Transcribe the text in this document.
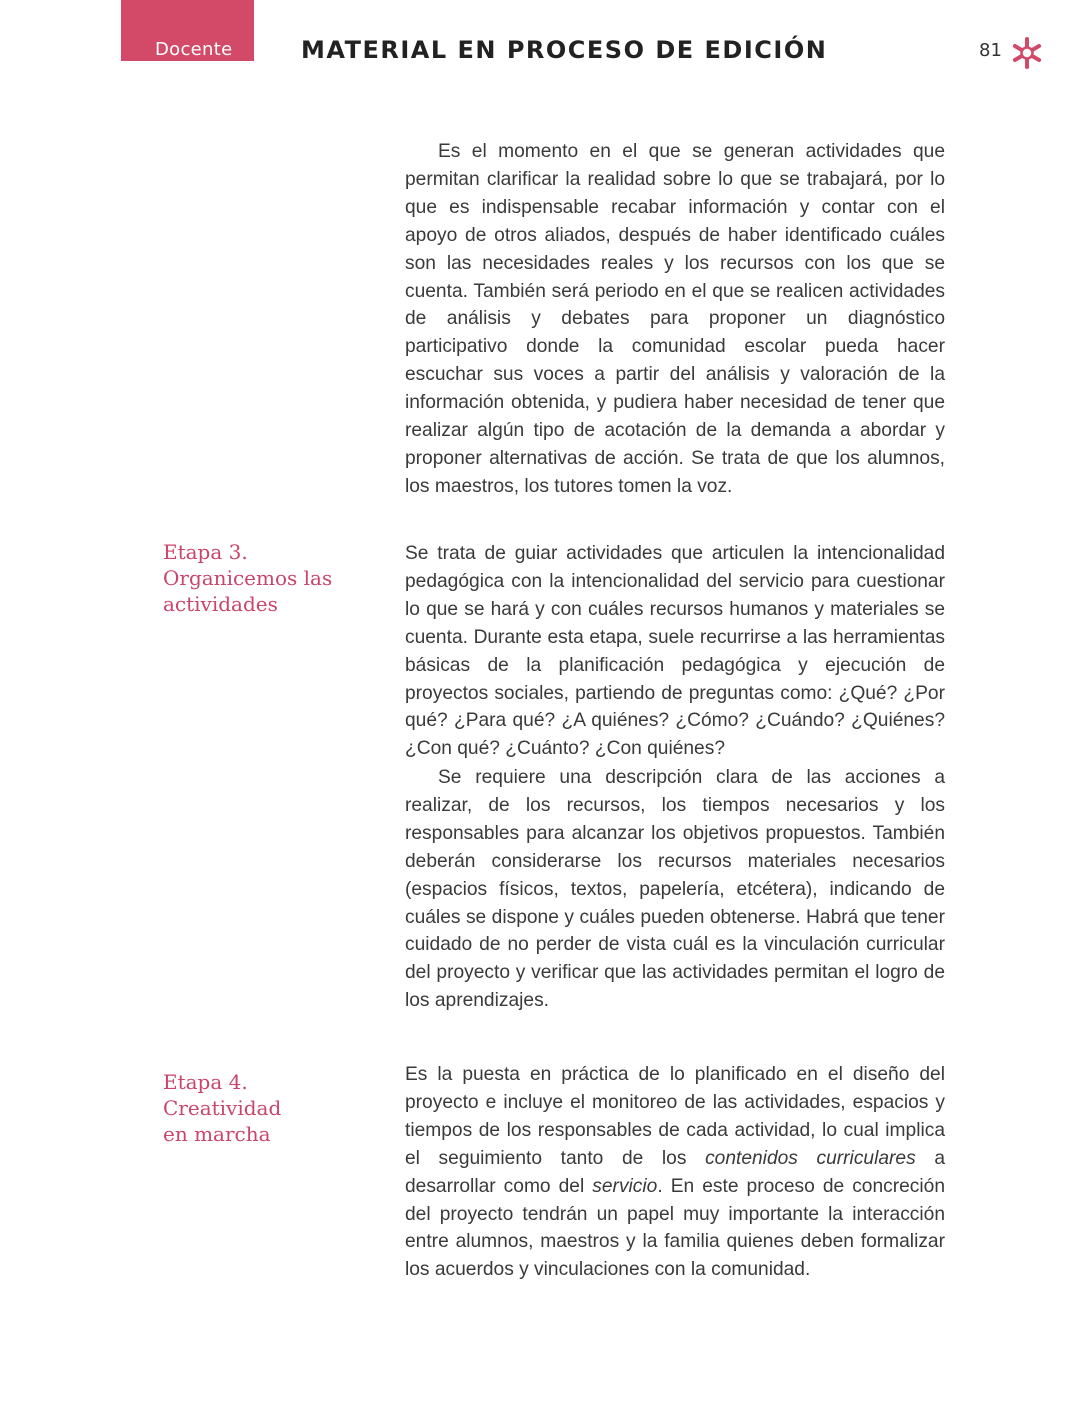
Docente	MATERIAL EN PROCESO DE EDICIÓN	81

Es el momento en el que se generan actividades que permitan clarificar la realidad sobre lo que se trabajará, por lo que es indispensable recabar información y contar con el apoyo de otros aliados, después de haber identificado cuáles son las necesidades reales y los recursos con los que se cuenta. También será periodo en el que se realicen actividades de análisis y debates para proponer un diagnóstico participativo donde la comunidad escolar pueda hacer escuchar sus voces a partir del análisis y valoración de la información obtenida, y pudiera haber necesidad de tener que realizar algún tipo de acotación de la demanda a abordar y proponer alternativas de acción. Se trata de que los alumnos, los maestros, los tutores tomen la voz.

Etapa 3.
Organicemos las
actividades

Se trata de guiar actividades que articulen la intencionalidad pedagógica con la intencionalidad del servicio para cuestionar lo que se hará y con cuáles recursos humanos y materiales se cuenta. Durante esta etapa, suele recurrirse a las herramientas básicas de la planificación pedagógica y ejecución de proyectos sociales, partiendo de preguntas como: ¿Qué? ¿Por qué? ¿Para qué? ¿A quiénes? ¿Cómo? ¿Cuándo? ¿Quiénes? ¿Con qué? ¿Cuánto? ¿Con quiénes?

Se requiere una descripción clara de las acciones a realizar, de los recursos, los tiempos necesarios y los responsables para alcanzar los objetivos propuestos. También deberán considerarse los recursos materiales necesarios (espacios físicos, textos, papelería, etcétera), indicando de cuáles se dispone y cuáles pueden obtenerse. Habrá que tener cuidado de no perder de vista cuál es la vinculación curricular del proyecto y verificar que las actividades permitan el logro de los aprendizajes.

Etapa 4.
Creatividad
en marcha

Es la puesta en práctica de lo planificado en el diseño del proyecto e incluye el monitoreo de las actividades, espacios y tiempos de los responsables de cada actividad, lo cual implica el seguimiento tanto de los contenidos curriculares a desarrollar como del servicio. En este proceso de concreción del proyecto tendrán un papel muy importante la interacción entre alumnos, maestros y la familia quienes deben formalizar los acuerdos y vinculaciones con la comunidad.
